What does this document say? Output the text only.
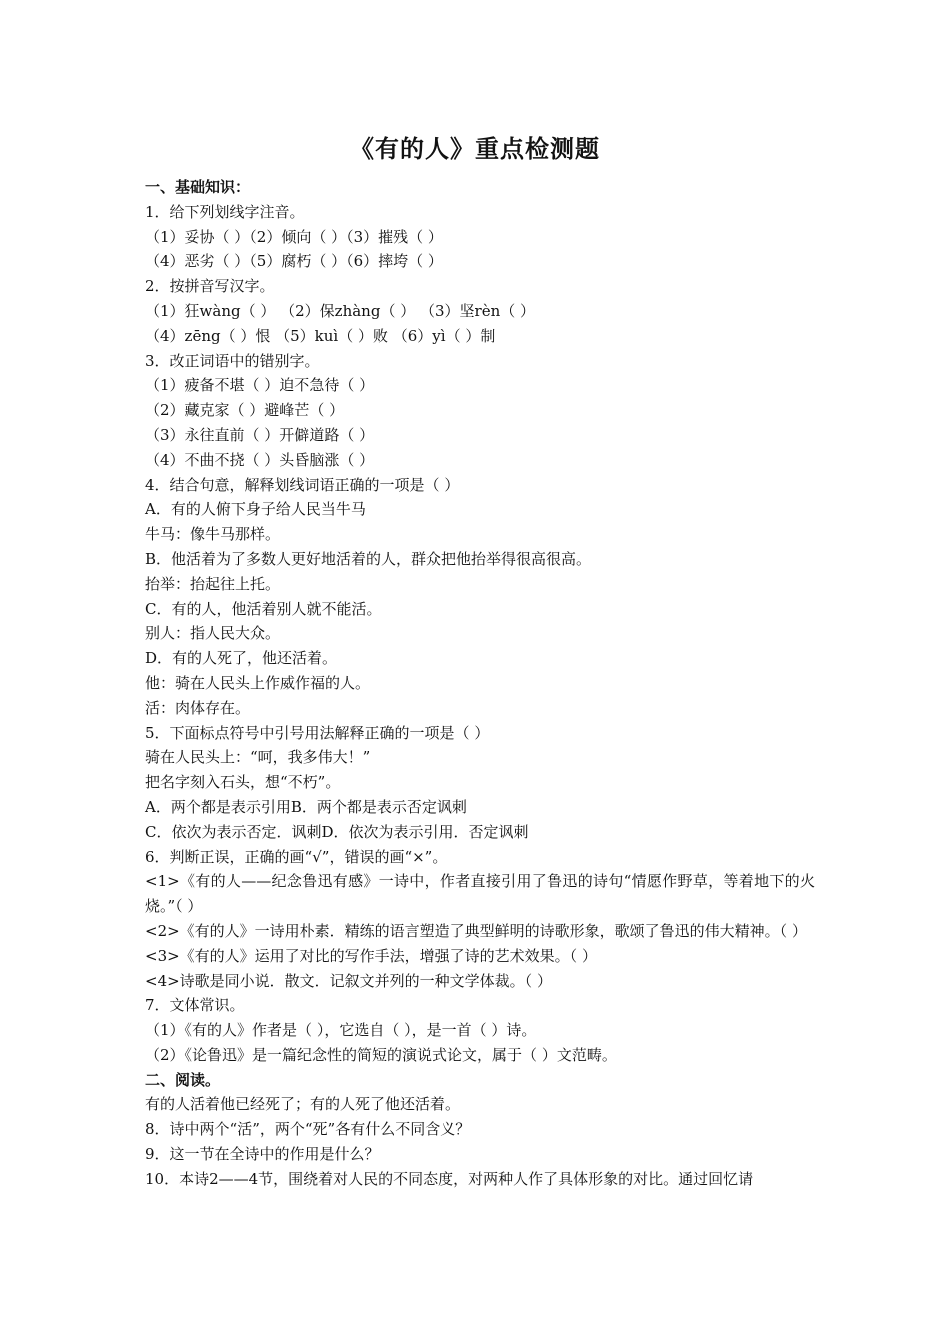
《有的人》重点检测题
一、基础知识：
1．给下列划线字注音。
（1）妥协（ ）（2）倾向（ ）（3）摧残（ ）
（4）恶劣（ ）（5）腐朽（ ）（6）摔垮（ ）
2．按拼音写汉字。
（1）狂wàng（ ） （2）保zhàng（ ） （3）坚rèn（ ）
（4）zēng（ ）恨 （5）kuì（ ）败 （6）yì（ ）制
3．改正词语中的错别字。
（1）疲备不堪（ ）迫不急待（ ）
（2）藏克家（ ）避峰芒（ ）
（3）永往直前（ ）开僻道路（ ）
（4）不曲不挠（ ）头昏脑涨（ ）
4．结合句意，解释划线词语正确的一项是（ ）
A．有的人俯下身子给人民当牛马
牛马：像牛马那样。
B．他活着为了多数人更好地活着的人，群众把他抬举得很高很高。
抬举：抬起往上托。
C．有的人，他活着别人就不能活。
别人：指人民大众。
D．有的人死了，他还活着。
他：骑在人民头上作威作福的人。
活：肉体存在。
5．下面标点符号中引号用法解释正确的一项是（ ）
骑在人民头上：“呵，我多伟大！”
把名字刻入石头，想“不朽”。
A．两个都是表示引用B．两个都是表示否定讽刺
C．依次为表示否定．讽刺D．依次为表示引用．否定讽刺
6．判断正误，正确的画“√”，错误的画“×”。
<1>《有的人——纪念鲁迅有感》一诗中，作者直接引用了鲁迅的诗句“情愿作野草，等着地下的火烧。”（ ）
<2>《有的人》一诗用朴素．精练的语言塑造了典型鲜明的诗歌形象，歌颂了鲁迅的伟大精神。（ ）
<3>《有的人》运用了对比的写作手法，增强了诗的艺术效果。（ ）
<4>诗歌是同小说．散文．记叙文并列的一种文学体裁。（ ）
7．文体常识。
（1）《有的人》作者是（ ），它选自（ ），是一首（ ）诗。
（2）《论鲁迅》是一篇纪念性的简短的演说式论文，属于（ ）文范畴。
二、阅读。
有的人活着他已经死了；有的人死了他还活着。
8．诗中两个“活”，两个“死”各有什么不同含义？
9．这一节在全诗中的作用是什么？
10．本诗2——4节，围绕着对人民的不同态度，对两种人作了具体形象的对比。通过回忆请
